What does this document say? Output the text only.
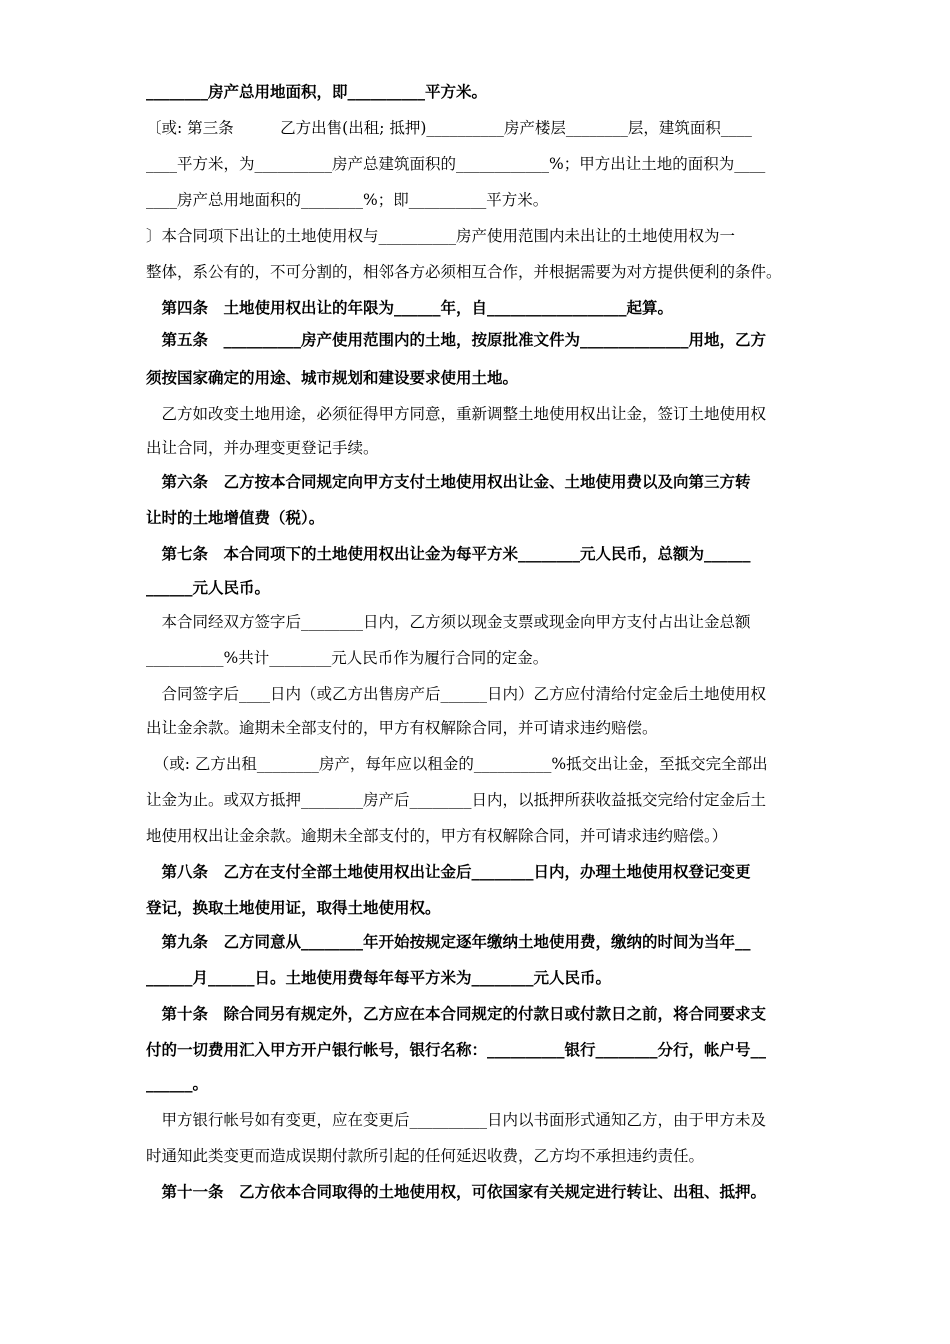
________房产总用地面积，即__________平方米。
〔或: 第三条　　　乙方出售(出租; 抵押)__________房产楼层________层，建筑面积____
____平方米，为__________房产总建筑面积的____________%；甲方出让土地的面积为____
____房产总用地面积的________%；即__________平方米。
〕本合同项下出让的土地使用权与__________房产使用范围内未出让的土地使用权为一
整体，系公有的，不可分割的，相邻各方必须相互合作，并根据需要为对方提供便利的条件。
　第四条　土地使用权出让的年限为______年，自__________________起算。
　第五条　__________房产使用范围内的土地，按原批准文件为______________用地，乙方
须按国家确定的用途、城市规划和建设要求使用土地。
　乙方如改变土地用途，必须征得甲方同意，重新调整土地使用权出让金，签订土地使用权
出让合同，并办理变更登记手续。
　第六条　乙方按本合同规定向甲方支付土地使用权出让金、土地使用费以及向第三方转
让时的土地增值费（税）。
　第七条　本合同项下的土地使用权出让金为每平方米________元人民币，总额为______
______元人民币。
　本合同经双方签字后________日内，乙方须以现金支票或现金向甲方支付占出让金总额
__________%共计________元人民币作为履行合同的定金。
　合同签字后____日内（或乙方出售房产后______日内）乙方应付清给付定金后土地使用权
出让金余款。逾期未全部支付的，甲方有权解除合同，并可请求违约赔偿。
　（或: 乙方出租________房产，每年应以租金的__________%抵交出让金，至抵交完全部出
让金为止。或双方抵押________房产后________日内，以抵押所获收益抵交完给付定金后土
地使用权出让金余款。逾期未全部支付的，甲方有权解除合同，并可请求违约赔偿。）
　第八条　乙方在支付全部土地使用权出让金后________日内，办理土地使用权登记变更
登记，换取土地使用证，取得土地使用权。
　第九条　乙方同意从________年开始按规定逐年缴纳土地使用费，缴纳的时间为当年__
______月______日。土地使用费每年每平方米为________元人民币。
　第十条　除合同另有规定外，乙方应在本合同规定的付款日或付款日之前，将合同要求支
付的一切费用汇入甲方开户银行帐号，银行名称：__________银行________分行，帐户号__
______。
　甲方银行帐号如有变更，应在变更后__________日内以书面形式通知乙方，由于甲方未及
时通知此类变更而造成误期付款所引起的任何延迟收费，乙方均不承担违约责任。
　第十一条　乙方依本合同取得的土地使用权，可依国家有关规定进行转让、出租、抵押。
